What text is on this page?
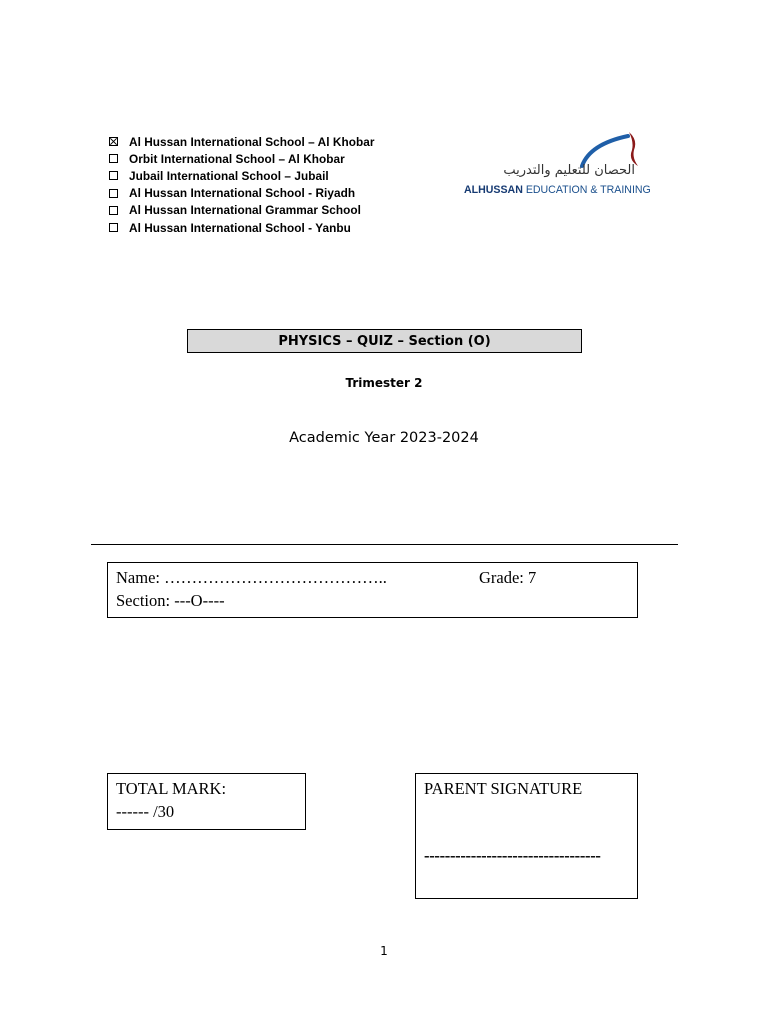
Al Hussan International School – Al Khobar
Orbit International School – Al Khobar
Jubail International School – Jubail
Al Hussan International School - Riyadh
Al Hussan International Grammar School
Al Hussan International School - Yanbu
الحصان للتعليم والتدريب
ALHUSSAN EDUCATION & TRAINING
PHYSICS – QUIZ – Section (O)
Trimester 2
Academic Year 2023-2024
Name: …………………………………..	Grade: 7
Section: ---O----
TOTAL MARK:
------ /30
PARENT SIGNATURE
----------------------------------
1
